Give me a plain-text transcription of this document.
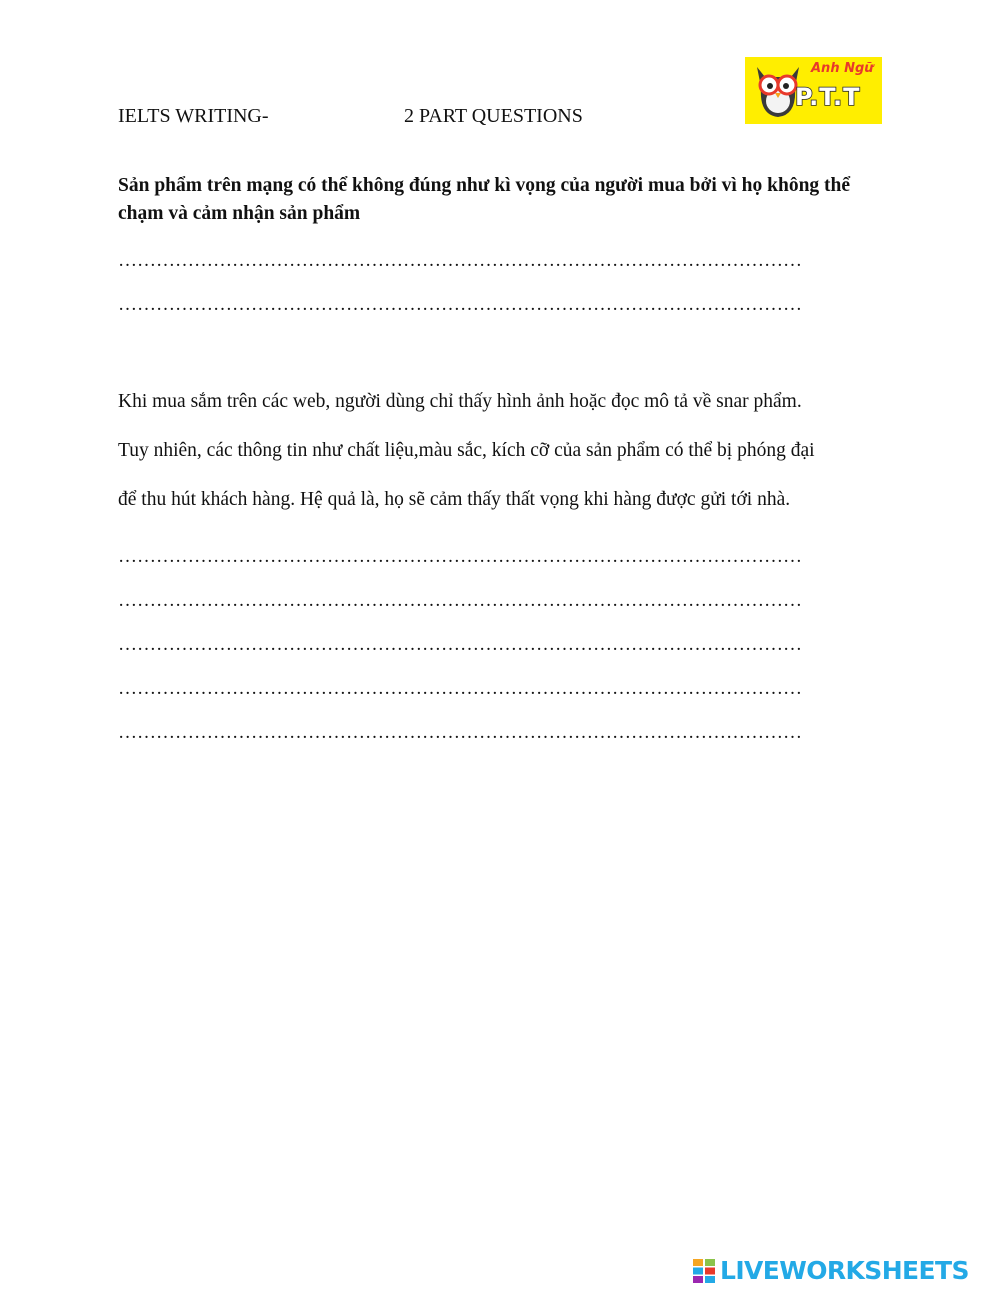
IELTS WRITING-	2 PART QUESTIONS
Anh Ngữ
P.T.T
Sản phẩm trên mạng có thể không đúng như kì vọng của người mua bởi vì họ không thể chạm và cảm nhận sản phẩm
………………………………………………………………………………………………
………………………………………………………………………………………………

Khi mua sắm trên các web, người dùng chỉ thấy hình ảnh hoặc đọc mô tả về snar phẩm.

Tuy nhiên, các thông tin như chất liệu,màu sắc, kích cỡ của sản phẩm có thể bị phóng đại

để thu hút khách hàng. Hệ quả là, họ sẽ cảm thấy thất vọng khi hàng được gửi tới nhà.

………………………………………………………………………………………………
………………………………………………………………………………………………
………………………………………………………………………………………………
………………………………………………………………………………………………
………………………………………………………………………………………………
LIVEWORKSHEETS
